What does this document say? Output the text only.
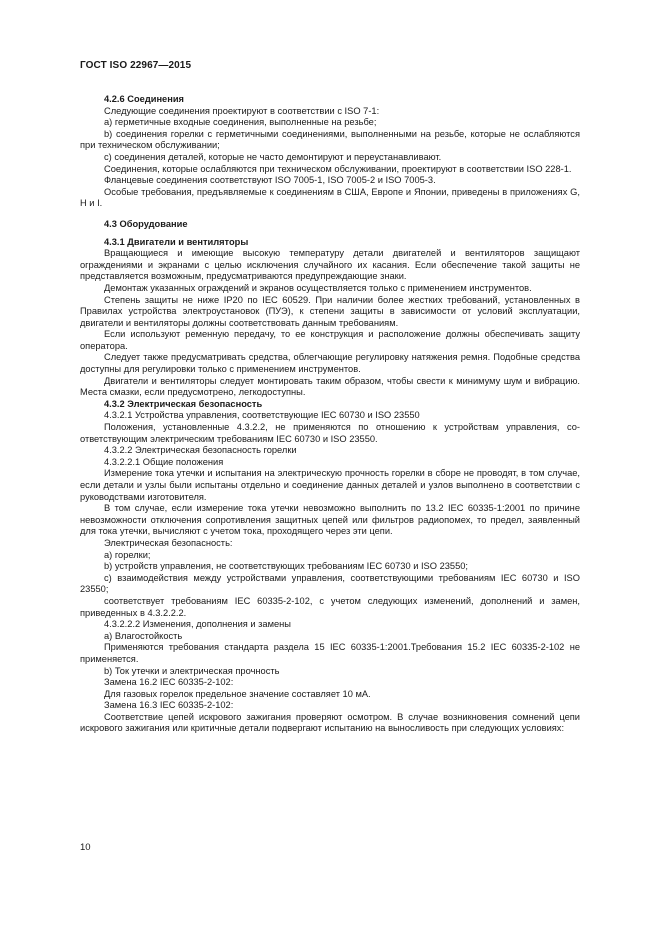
ГОСТ ISO 22967—2015

4.2.6 Соединения

Следующие соединения проектируют в соответствии с ISO 7-1:

a) герметичные входные соединения, выполненные на резьбе;

b) соединения горелки с герметичными соединениями, выполненными на резьбе, которые не ослабляются при техническом обслуживании;

c) соединения деталей, которые не часто демонтируют и переустанавливают.

Соединения, которые ослабляются при техническом обслуживании, проектируют в соответствии ISO 228-1.

Фланцевые соединения соответствуют ISO 7005-1, ISO 7005-2 и ISO 7005-3.

Особые требования, предъявляемые к соединениям в США, Европе и Японии, приведены в приложениях G, H и I.

4.3 Оборудование

4.3.1 Двигатели и вентиляторы

Вращающиеся и имеющие высокую температуру детали двигателей и вентиляторов защищают ограждениями и экранами с целью исключения случайного их касания. Если обеспечение такой защиты не представляется возможным, предусматриваются предупреждающие знаки.

Демонтаж указанных ограждений и экранов осуществляется только с применением инструментов.

Степень защиты не ниже IP20 по IEC 60529. При наличии более жестких требований, установленных в Правилах устройства электроустановок (ПУЭ), к степени защиты в зависимости от условий эксплуатации, двигатели и вентиляторы должны соответствовать данным требованиям.

Если используют ременную передачу, то ее конструкция и расположение должны обеспечивать защиту оператора.

Следует также предусматривать средства, облегчающие регулировку натяжения ремня. Подобные средства доступны для регулировки только с применением инструментов.

Двигатели и вентиляторы следует монтировать таким образом, чтобы свести к минимуму шум и вибрацию. Места смазки, если предусмотрено, легкодоступны.

4.3.2 Электрическая безопасность

4.3.2.1 Устройства управления, соответствующие IEC 60730 и ISO 23550

Положения, установленные 4.3.2.2, не применяются по отношению к устройствам управления, соответствующим электрическим требованиям IEC 60730 и ISO 23550.

4.3.2.2 Электрическая безопасность горелки

4.3.2.2.1 Общие положения

Измерение тока утечки и испытания на электрическую прочность горелки в сборе не проводят, в том случае, если детали и узлы были испытаны отдельно и соединение данных деталей и узлов выполнено в соответствии с руководствами изготовителя.

В том случае, если измерение тока утечки невозможно выполнить по 13.2 IEC 60335-1:2001 по причине невозможности отключения сопротивления защитных цепей или фильтров радиопомех, то предел, заявленный для тока утечки, вычисляют с учетом тока, проходящего через эти цепи.

Электрическая безопасность:

a) горелки;

b) устройств управления, не соответствующих требованиям IEC 60730 и ISO 23550;

c) взаимодействия между устройствами управления, соответствующими требованиям IEC 60730 и ISO 23550;

соответствует требованиям IEC 60335-2-102, с учетом следующих изменений, дополнений и замен, приведенных в 4.3.2.2.2.

4.3.2.2.2 Изменения, дополнения и замены

a) Влагостойкость

Применяются требования стандарта раздела 15 IEC 60335-1:2001.Требования 15.2 IEC 60335-2-102 не применяется.

b) Ток утечки и электрическая прочность

Замена 16.2 IEC 60335-2-102:

Для газовых горелок предельное значение составляет 10 мА.

Замена 16.3 IEC 60335-2-102:

Соответствие цепей искрового зажигания проверяют осмотром. В случае возникновения сомнений цепи искрового зажигания или критичные детали подвергают испытанию на выносливость при следующих условиях:

10
